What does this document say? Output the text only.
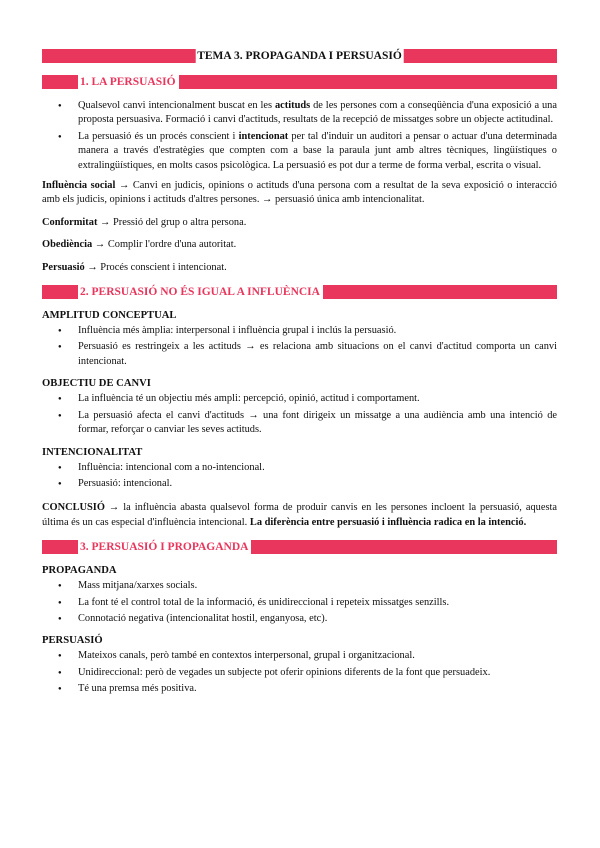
TEMA 3. PROPAGANDA I PERSUASIÓ
1. LA PERSUASIÓ
● Qualsevol canvi intencionalment buscat en les actituds de les persones com a conseqüència d'una exposició a una proposta persuasiva. Formació i canvi d'actituds, resultats de la recepció de missatges sobre un objecte actitudinal.
● La persuasió és un procés conscient i intencionat per tal d'induir un auditori a pensar o actuar d'una determinada manera a través d'estratègies que compten com a base la paraula junt amb altres tècniques, lingüístiques o extralingüístiques, en molts casos psicològica. La persuasió es pot dur a terme de forma verbal, escrita o visual.

Influència social → Canvi en judicis, opinions o actituds d'una persona com a resultat de la seva exposició o interacció amb els judicis, opinions i actituds d'altres persones. → persuasió única amb intencionalitat.

Conformitat → Pressió del grup o altra persona.

Obediència → Complir l'ordre d'una autoritat.

Persuasió → Procés conscient i intencionat.

2. PERSUASIÓ NO ÉS IGUAL A INFLUÈNCIA
AMPLITUD CONCEPTUAL
● Influència més àmplia: interpersonal i influència grupal i inclús la persuasió.
● Persuasió es restringeix a les actituds → es relaciona amb situacions on el canvi d'actitud comporta un canvi intencionat.
OBJECTIU DE CANVI
● La influència té un objectiu més ampli: percepció, opinió, actitud i comportament.
● La persuasió afecta el canvi d'actituds → una font dirigeix un missatge a una audiència amb una intenció de formar, reforçar o canviar les seves actituds.
INTENCIONALITAT
● Influència: intencional com a no-intencional.
● Persuasió: intencional.

CONCLUSIÓ → la influència abasta qualsevol forma de produir canvis en les persones incloent la persuasió, aquesta última és un cas especial d'influència intencional. La diferència entre persuasió i influència radica en la intenció.

3. PERSUASIÓ I PROPAGANDA
PROPAGANDA
● Mass mitjana/xarxes socials.
● La font té el control total de la informació, és unidireccional i repeteix missatges senzills.
● Connotació negativa (intencionalitat hostil, enganyosa, etc).
PERSUASIÓ
● Mateixos canals, però també en contextos interpersonal, grupal i organitzacional.
● Unidireccional: però de vegades un subjecte pot oferir opinions diferents de la font que persuadeix.
● Té una premsa més positiva.
